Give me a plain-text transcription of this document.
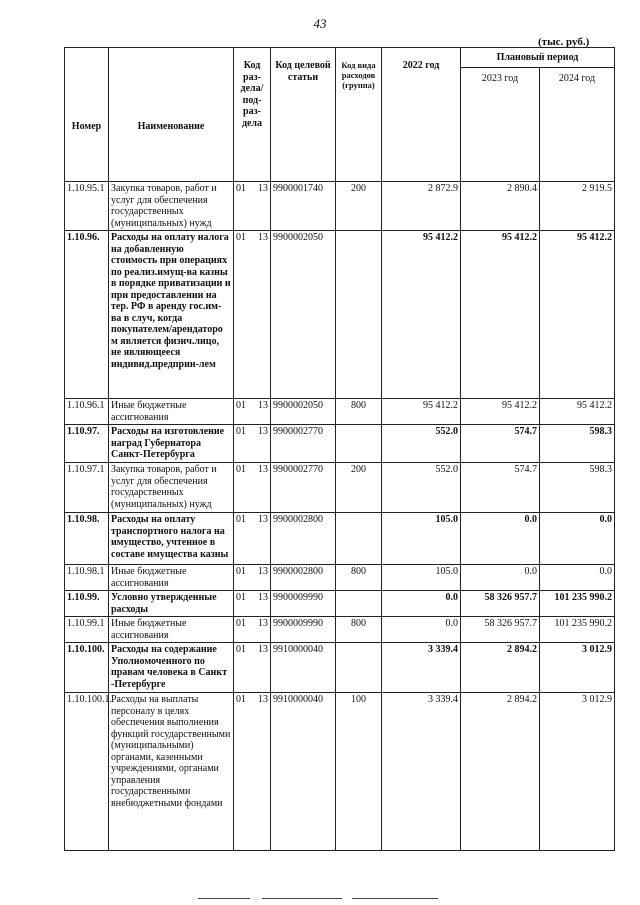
43
(тыс. руб.)
Номер	Наименование	Код раз-дела/ под-раз-дела	Код целевой статьи	Код вида расходов (группа)	2022 год	Плановый период	
						2023 год	2024 год
1.10.95.1	Закупка товаров, работ и услуг для обеспечения государственных (муниципальных) нужд	01 13	9900001740	200	2 872.9	2 890.4	2 919.5
1.10.96.	Расходы на оплату налога на добавленную стоимость при операциях по реализ.имущ-ва казны в порядке приватизации и при предоставлении на тер. РФ в аренду гос.им-ва в случ, когда покупателем/арендаторо м является физич.лицо, не являющееся индивид.предприн-лем	01 13	9900002050		95 412.2	95 412.2	95 412.2
1.10.96.1	Иные бюджетные ассигнования	01 13	9900002050	800	95 412.2	95 412.2	95 412.2
1.10.97.	Расходы на изготовление наград Губернатора Санкт-Петербурга	01 13	9900002770		552.0	574.7	598.3
1.10.97.1	Закупка товаров, работ и услуг для обеспечения государственных (муниципальных) нужд	01 13	9900002770	200	552.0	574.7	598.3
1.10.98.	Расходы на оплату транспортного налога на имущество, учтенное в составе имущества казны	01 13	9900002800		105.0	0.0	0.0
1.10.98.1	Иные бюджетные ассигнования	01 13	9900002800	800	105.0	0.0	0.0
1.10.99.	Условно утвержденные расходы	01 13	9900009990		0.0	58 326 957.7	101 235 990.2
1.10.99.1	Иные бюджетные ассигнования	01 13	9900009990	800	0.0	58 326 957.7	101 235 990.2
1.10.100.	Расходы на содержание Уполномоченного по правам человека в Санкт -Петербурге	01 13	9910000040		3 339.4	2 894.2	3 012.9
1.10.100.1.	Расходы на выплаты персоналу в целях обеспечения выполнения функций государственными (муниципальными) органами, казенными учреждениями, органами управления государственными внебюджетными фондами	01 13	9910000040	100	3 339.4	2 894.2	3 012.9
